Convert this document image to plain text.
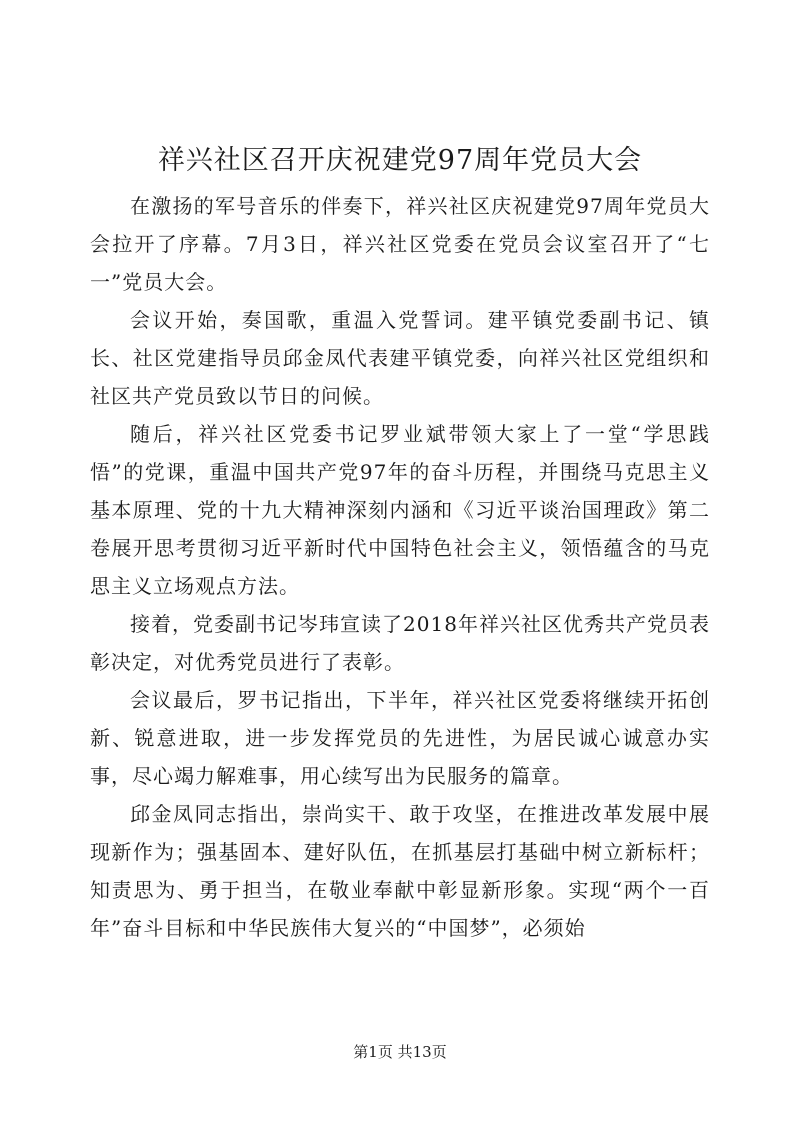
祥兴社区召开庆祝建党97周年党员大会

在激扬的军号音乐的伴奏下，祥兴社区庆祝建党97周年党员大会拉开了序幕。7月3日，祥兴社区党委在党员会议室召开了“七一”党员大会。

会议开始，奏国歌，重温入党誓词。建平镇党委副书记、镇长、社区党建指导员邱金凤代表建平镇党委，向祥兴社区党组织和社区共产党员致以节日的问候。

随后，祥兴社区党委书记罗业斌带领大家上了一堂“学思践悟”的党课，重温中国共产党97年的奋斗历程，并围绕马克思主义基本原理、党的十九大精神深刻内涵和《习近平谈治国理政》第二卷展开思考贯彻习近平新时代中国特色社会主义，领悟蕴含的马克思主义立场观点方法。

接着，党委副书记岑玮宣读了2018年祥兴社区优秀共产党员表彰决定，对优秀党员进行了表彰。

会议最后，罗书记指出，下半年，祥兴社区党委将继续开拓创新、锐意进取，进一步发挥党员的先进性，为居民诚心诚意办实事，尽心竭力解难事，用心续写出为民服务的篇章。

邱金凤同志指出，崇尚实干、敢于攻坚，在推进改革发展中展现新作为；强基固本、建好队伍，在抓基层打基础中树立新标杆；知责思为、勇于担当，在敬业奉献中彰显新形象。实现“两个一百年”奋斗目标和中华民族伟大复兴的“中国梦”，必须始

第1页 共13页
